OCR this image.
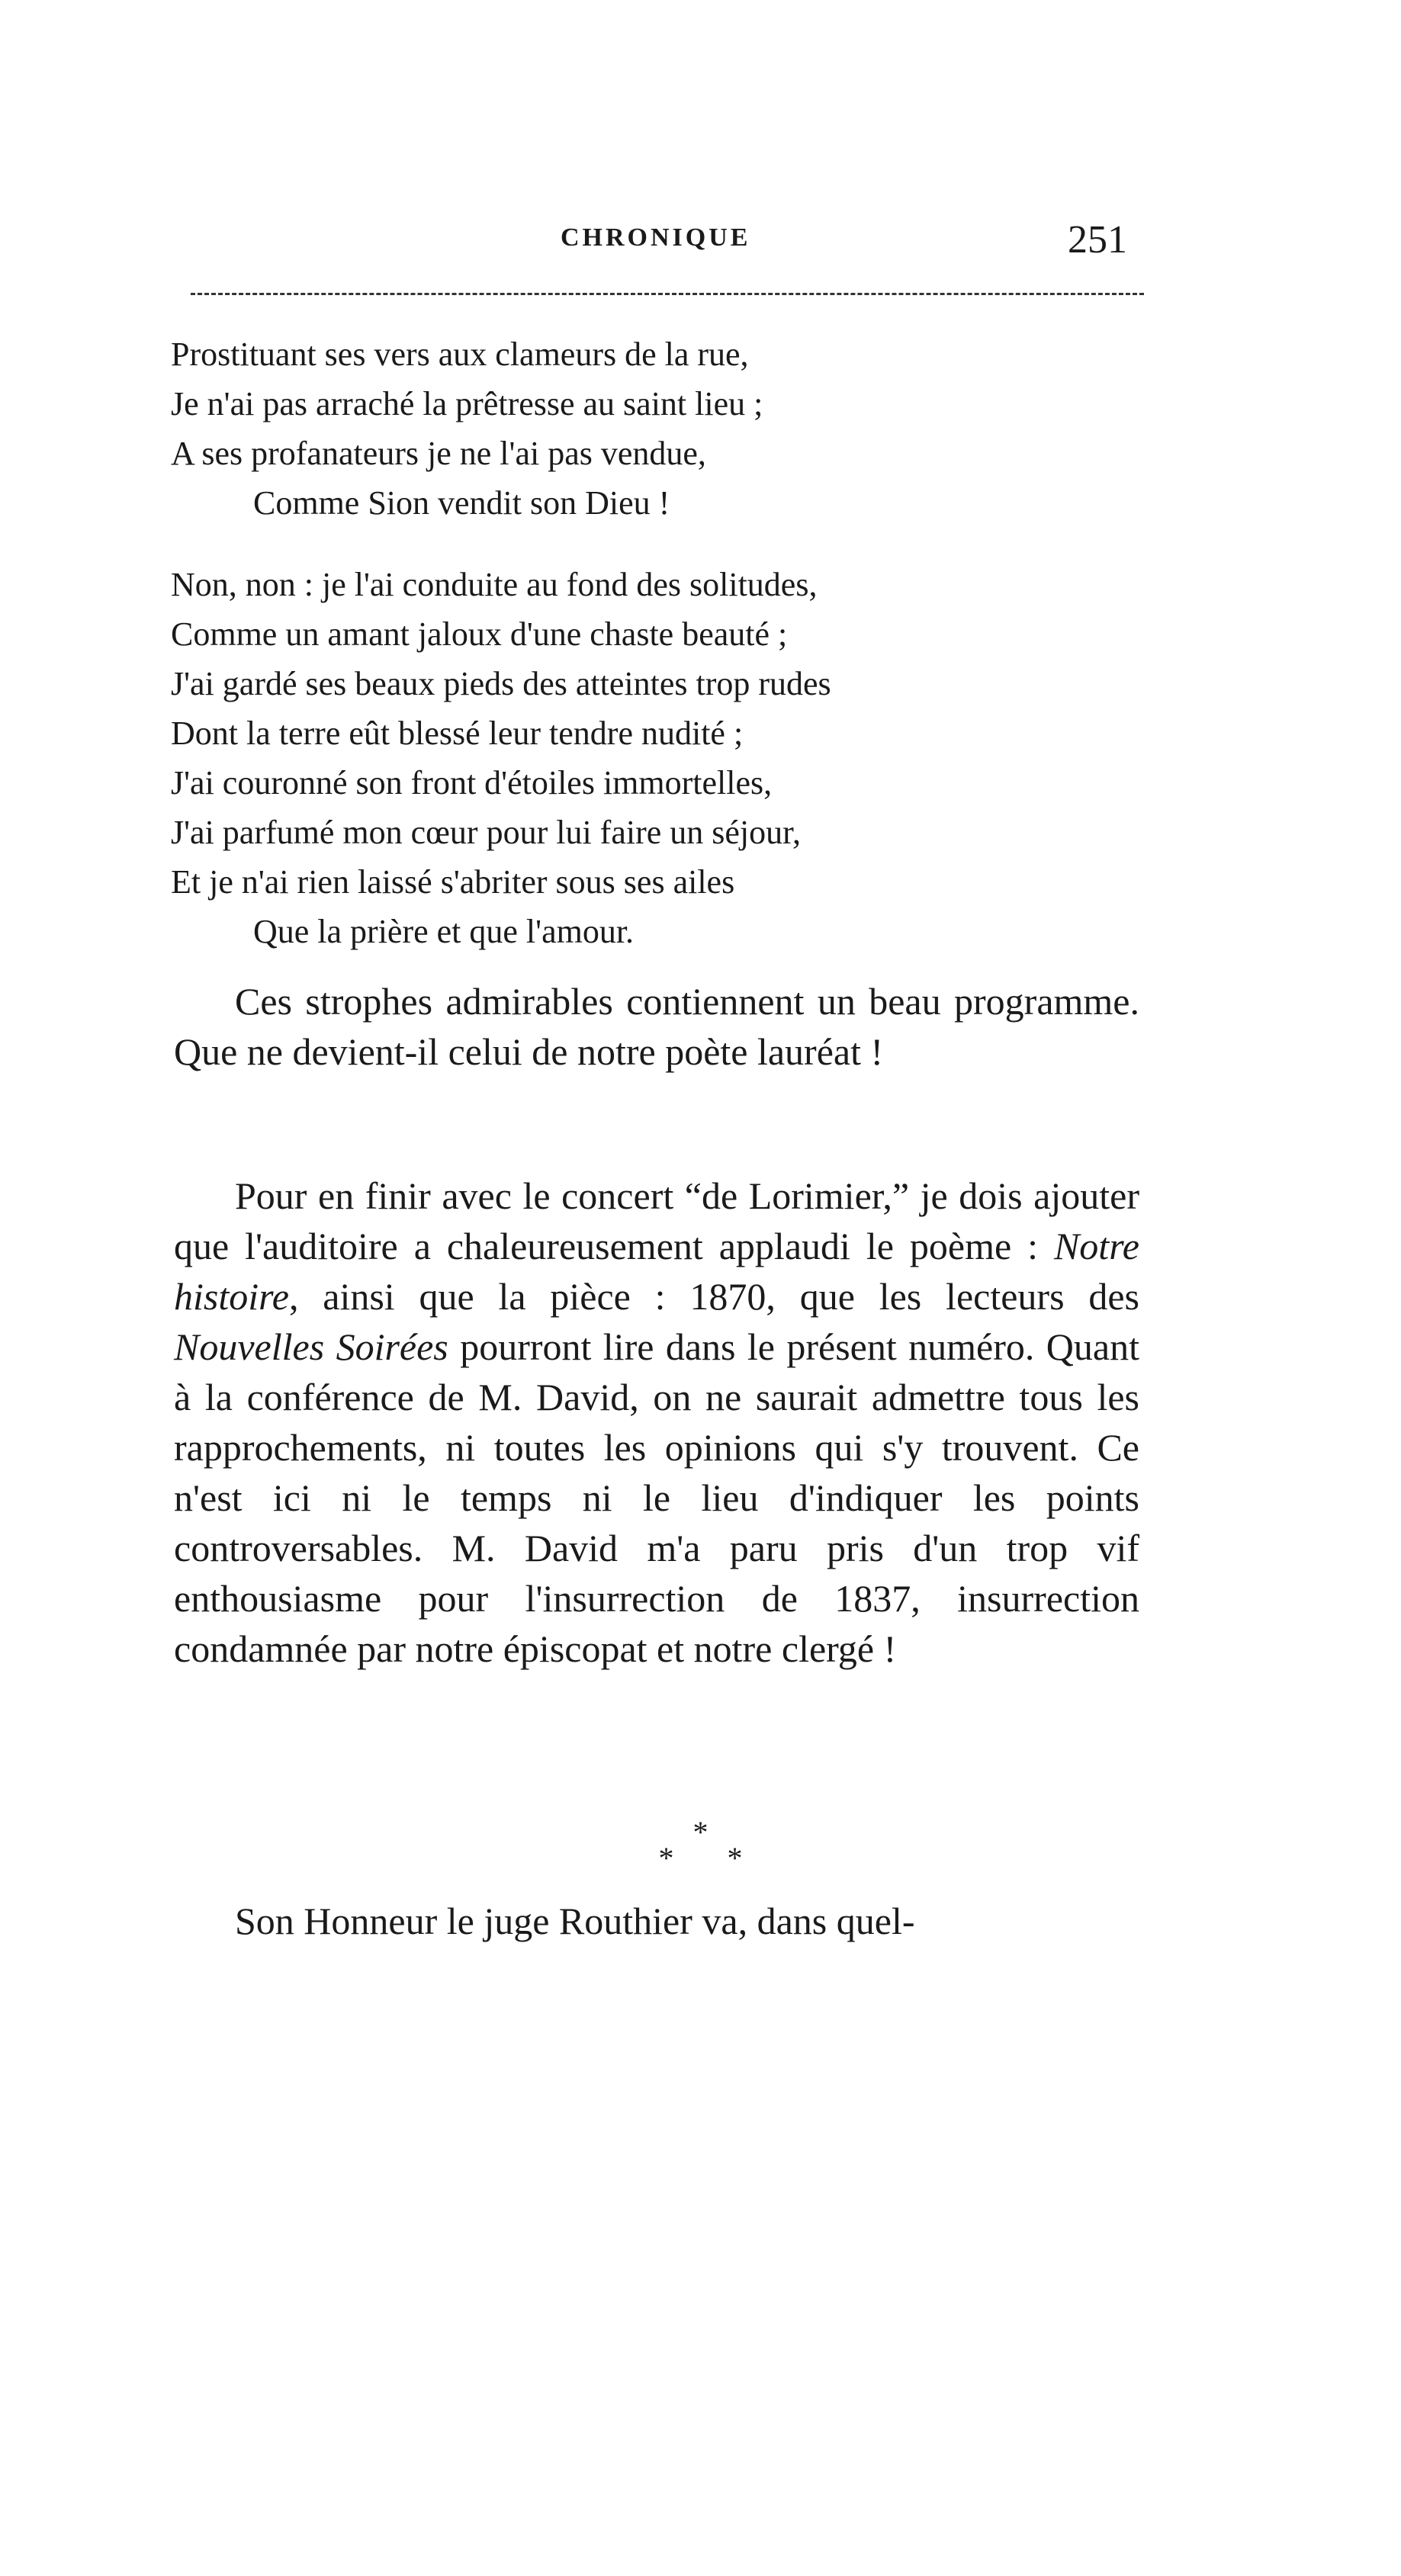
CHRONIQUE	251
Prostituant ses vers aux clameurs de la rue,
Je n'ai pas arraché la prêtresse au saint lieu ;
A ses profanateurs je ne l'ai pas vendue,
Comme Sion vendit son Dieu !
Non, non : je l'ai conduite au fond des solitudes,
Comme un amant jaloux d'une chaste beauté ;
J'ai gardé ses beaux pieds des atteintes trop rudes
Dont la terre eût blessé leur tendre nudité ;
J'ai couronné son front d'étoiles immortelles,
J'ai parfumé mon cœur pour lui faire un séjour,
Et je n'ai rien laissé s'abriter sous ses ailes
Que la prière et que l'amour.

Ces strophes admirables contiennent un beau programme. Que ne devient-il celui de notre poète lauréat !

Pour en finir avec le concert “de Lorimier,” je dois ajouter que l'auditoire a chaleureusement applaudi le poème : Notre histoire, ainsi que la pièce : 1870, que les lecteurs des Nouvelles Soirées pourront lire dans le présent numéro. Quant à la conférence de M. David, on ne saurait admettre tous les rapprochements, ni toutes les opinions qui s'y trouvent. Ce n'est ici ni le temps ni le lieu d'indiquer les points controversables. M. David m'a paru pris d'un trop vif enthousiasme pour l'insurrection de 1837, insurrection condamnée par notre épiscopat et notre clergé !

*
* *

Son Honneur le juge Routhier va, dans quel-
